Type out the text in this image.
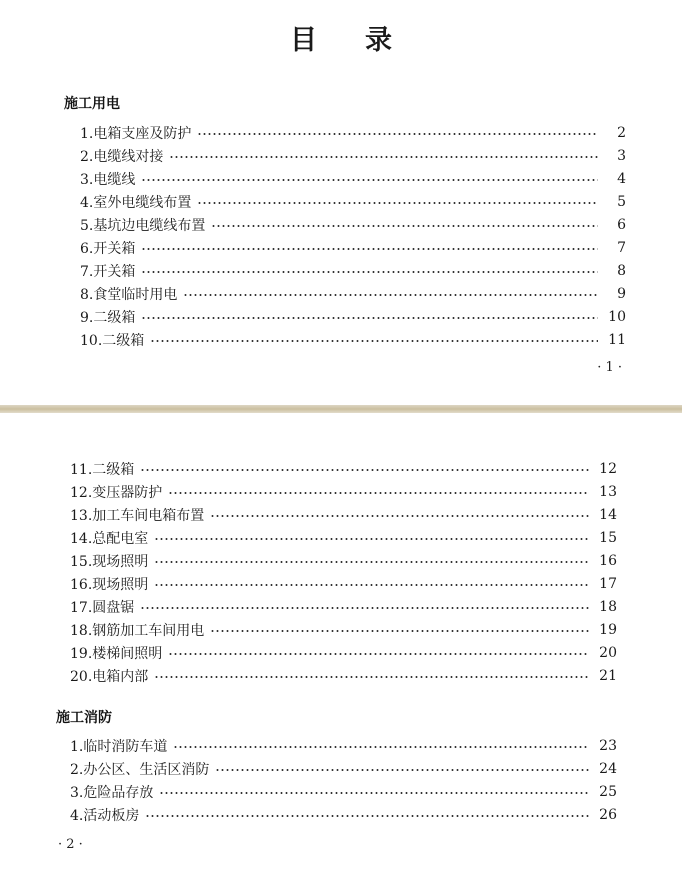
目 录
施工用电
1.电箱支座及防护	2
2.电缆线对接	3
3.电缆线	4
4.室外电缆线布置	5
5.基坑边电缆线布置	6
6.开关箱	7
7.开关箱	8
8.食堂临时用电	9
9.二级箱	10
10.二级箱	11
· 1 ·
11.二级箱	12
12.变压器防护	13
13.加工车间电箱布置	14
14.总配电室	15
15.现场照明	16
16.现场照明	17
17.圆盘锯	18
18.钢筋加工车间用电	19
19.楼梯间照明	20
20.电箱内部	21
施工消防
1.临时消防车道	23
2.办公区、生活区消防	24
3.危险品存放	25
4.活动板房	26
· 2 ·
